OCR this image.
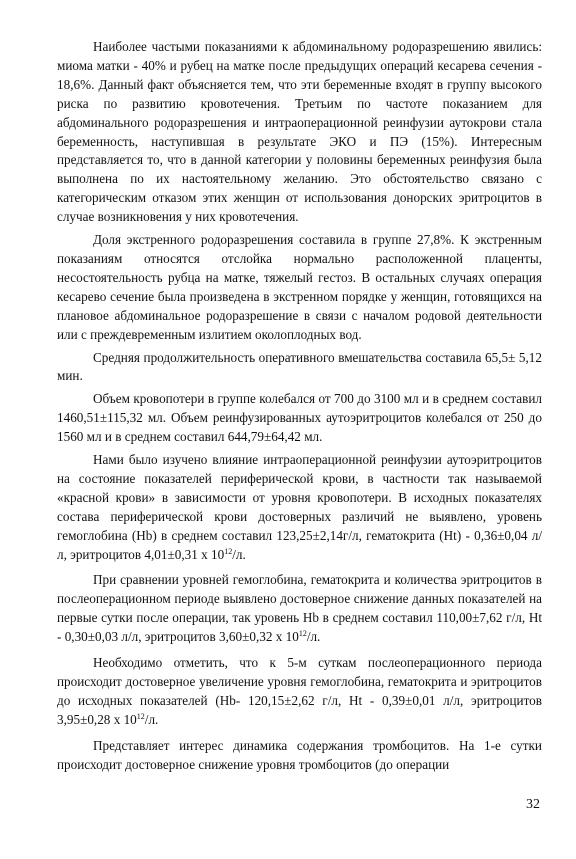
Наиболее частыми показаниями к абдоминальному родоразрешению явились: миома матки - 40% и рубец на матке после предыдущих операций кесарева сечения - 18,6%. Данный факт объясняется тем, что эти беременные входят в группу высокого риска по развитию кровотечения. Третьим по частоте показанием для абдоминального родоразрешения и интраоперационной реинфузии аутокрови стала беременность, наступившая в результате ЭКО и ПЭ (15%). Интересным представляется то, что в данной категории у половины беременных реинфузия была выполнена по их настоятельному желанию. Это обстоятельство связано с категорическим отказом этих женщин от использования донорских эритроцитов в случае возникновения у них кровотечения.

Доля экстренного родоразрешения составила в группе 27,8%. К экстренным показаниям относятся отслойка нормально расположенной плаценты, несостоятельность рубца на матке, тяжелый гестоз. В остальных случаях операция кесарево сечение была произведена в экстренном порядке у женщин, готовящихся на плановое абдоминальное родоразрешение в связи с началом родовой деятельности или с преждевременным излитием околоплодных вод.

Средняя продолжительность оперативного вмешательства составила 65,5± 5,12 мин.

Объем кровопотери в группе колебался от 700 до 3100 мл и в среднем составил 1460,51±115,32 мл. Объем реинфузированных аутоэритроцитов колебался от 250 до 1560 мл и в среднем составил 644,79±64,42 мл.

Нами было изучено влияние интраоперационной реинфузии аутоэритроцитов на состояние показателей периферической крови, в частности так называемой «красной крови» в зависимости от уровня кровопотери. В исходных показателях состава периферической крови достоверных различий не выявлено, уровень гемоглобина (Hb) в среднем составил 123,25±2,14г/л, гематокрита (Ht) - 0,36±0,04 л/л, эритроцитов 4,01±0,31 х $10^{12}/л$.

При сравнении уровней гемоглобина, гематокрита и количества эритроцитов в послеоперационном периоде выявлено достоверное снижение данных показателей на первые сутки после операции, так уровень Hb в среднем составил 110,00±7,62 г/л, Ht - 0,30±0,03 л/л, эритроцитов 3,60±0,32 х $10^{12}/л$.

Необходимо отметить, что к 5-м суткам послеоперационного периода происходит достоверное увеличение уровня гемоглобина, гематокрита и эритроцитов до исходных показателей (Hb- 120,15±2,62 г/л, Ht - 0,39±0,01 л/л, эритроцитов 3,95±0,28 х $10^{12}/л$.

Представляет интерес динамика содержания тромбоцитов. На 1-е сутки происходит достоверное снижение уровня тромбоцитов (до операции

32
